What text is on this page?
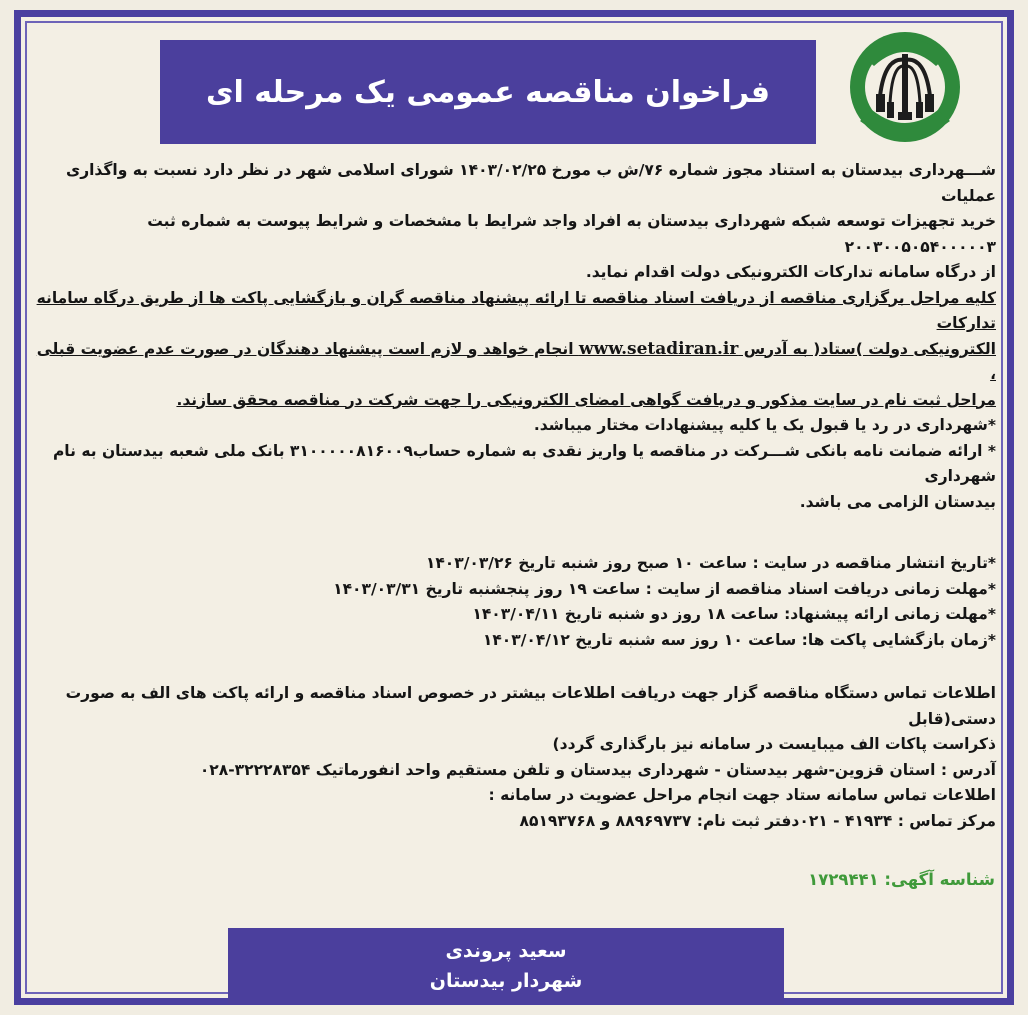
فراخوان مناقصه عمومی یک مرحله ای

شـــهرداری بیدستان به استناد مجوز شماره ۷۶/ش ب مورخ ۱۴۰۳/۰۲/۲۵ شورای اسلامی شهر در نظر دارد نسبت به واگذاری عملیات

خرید تجهیزات توسعه شبکه شهرداری بیدستان به افراد واجد شرایط با مشخصات و شرایط پیوست به شماره ثبت ۲۰۰۳۰۰۵۰۵۴۰۰۰۰۰۳

از درگاه سامانه تدارکات الکترونیکی دولت اقدام نماید.

کلیه مراحل برگزاری مناقصه از دریافت اسناد مناقصه تا ارائه پیشنهاد مناقصه گران و بازگشایی پاکت ها از طریق درگاه سامانه تدارکات

الکترونیکی دولت )ستاد( به آدرس www.setadiran.ir انجام خواهد و لازم است پیشنهاد دهندگان در صورت عدم عضویت قبلی ،

مراحل ثبت نام در سایت مذکور و دریافت گواهی امضای الکترونیکی را جهت شرکت در مناقصه محقق سازند.

*شهرداری در رد یا قبول یک یا کلیه پیشنهادات مختار میباشد.

* ارائه ضمانت نامه بانکی شـــرکت در مناقصه یا واریز نقدی به شماره حساب۳۱۰۰۰۰۰۸۱۶۰۰۹ بانک ملی شعبه بیدستان به نام شهرداری

بیدستان الزامی می باشد.

*تاریخ انتشار مناقصه در سایت : ساعت ۱۰ صبح روز شنبه تاریخ ۱۴۰۳/۰۳/۲۶

*مهلت زمانی دریافت اسناد مناقصه از سایت : ساعت ۱۹ روز پنجشنبه تاریخ ۱۴۰۳/۰۳/۳۱

*مهلت زمانی ارائه پیشنهاد: ساعت ۱۸ روز دو شنبه تاریخ ۱۴۰۳/۰۴/۱۱

*زمان بازگشایی پاکت ها: ساعت ۱۰ روز سه شنبه تاریخ ۱۴۰۳/۰۴/۱۲

اطلاعات تماس دستگاه مناقصه گزار جهت دریافت اطلاعات بیشتر در خصوص اسناد مناقصه و ارائه پاکت های الف به صورت دستی(قابل

ذکراست پاکات الف میبایست در سامانه نیز بارگذاری گردد)

آدرس : استان قزوین-شهر بیدستان - شهرداری بیدستان و تلفن مستقیم واحد انفورماتیک ۳۲۲۲۸۳۵۴-۰۲۸

اطلاعات تماس سامانه ستاد جهت انجام مراحل عضویت در سامانه :

مرکز تماس : ۴۱۹۳۴ - ۰۲۱دفتر ثبت نام: ۸۸۹۶۹۷۳۷ و ۸۵۱۹۳۷۶۸

شناسه آگهی: ۱۷۲۹۴۴۱
سعید پروندی
شهردار بیدستان
